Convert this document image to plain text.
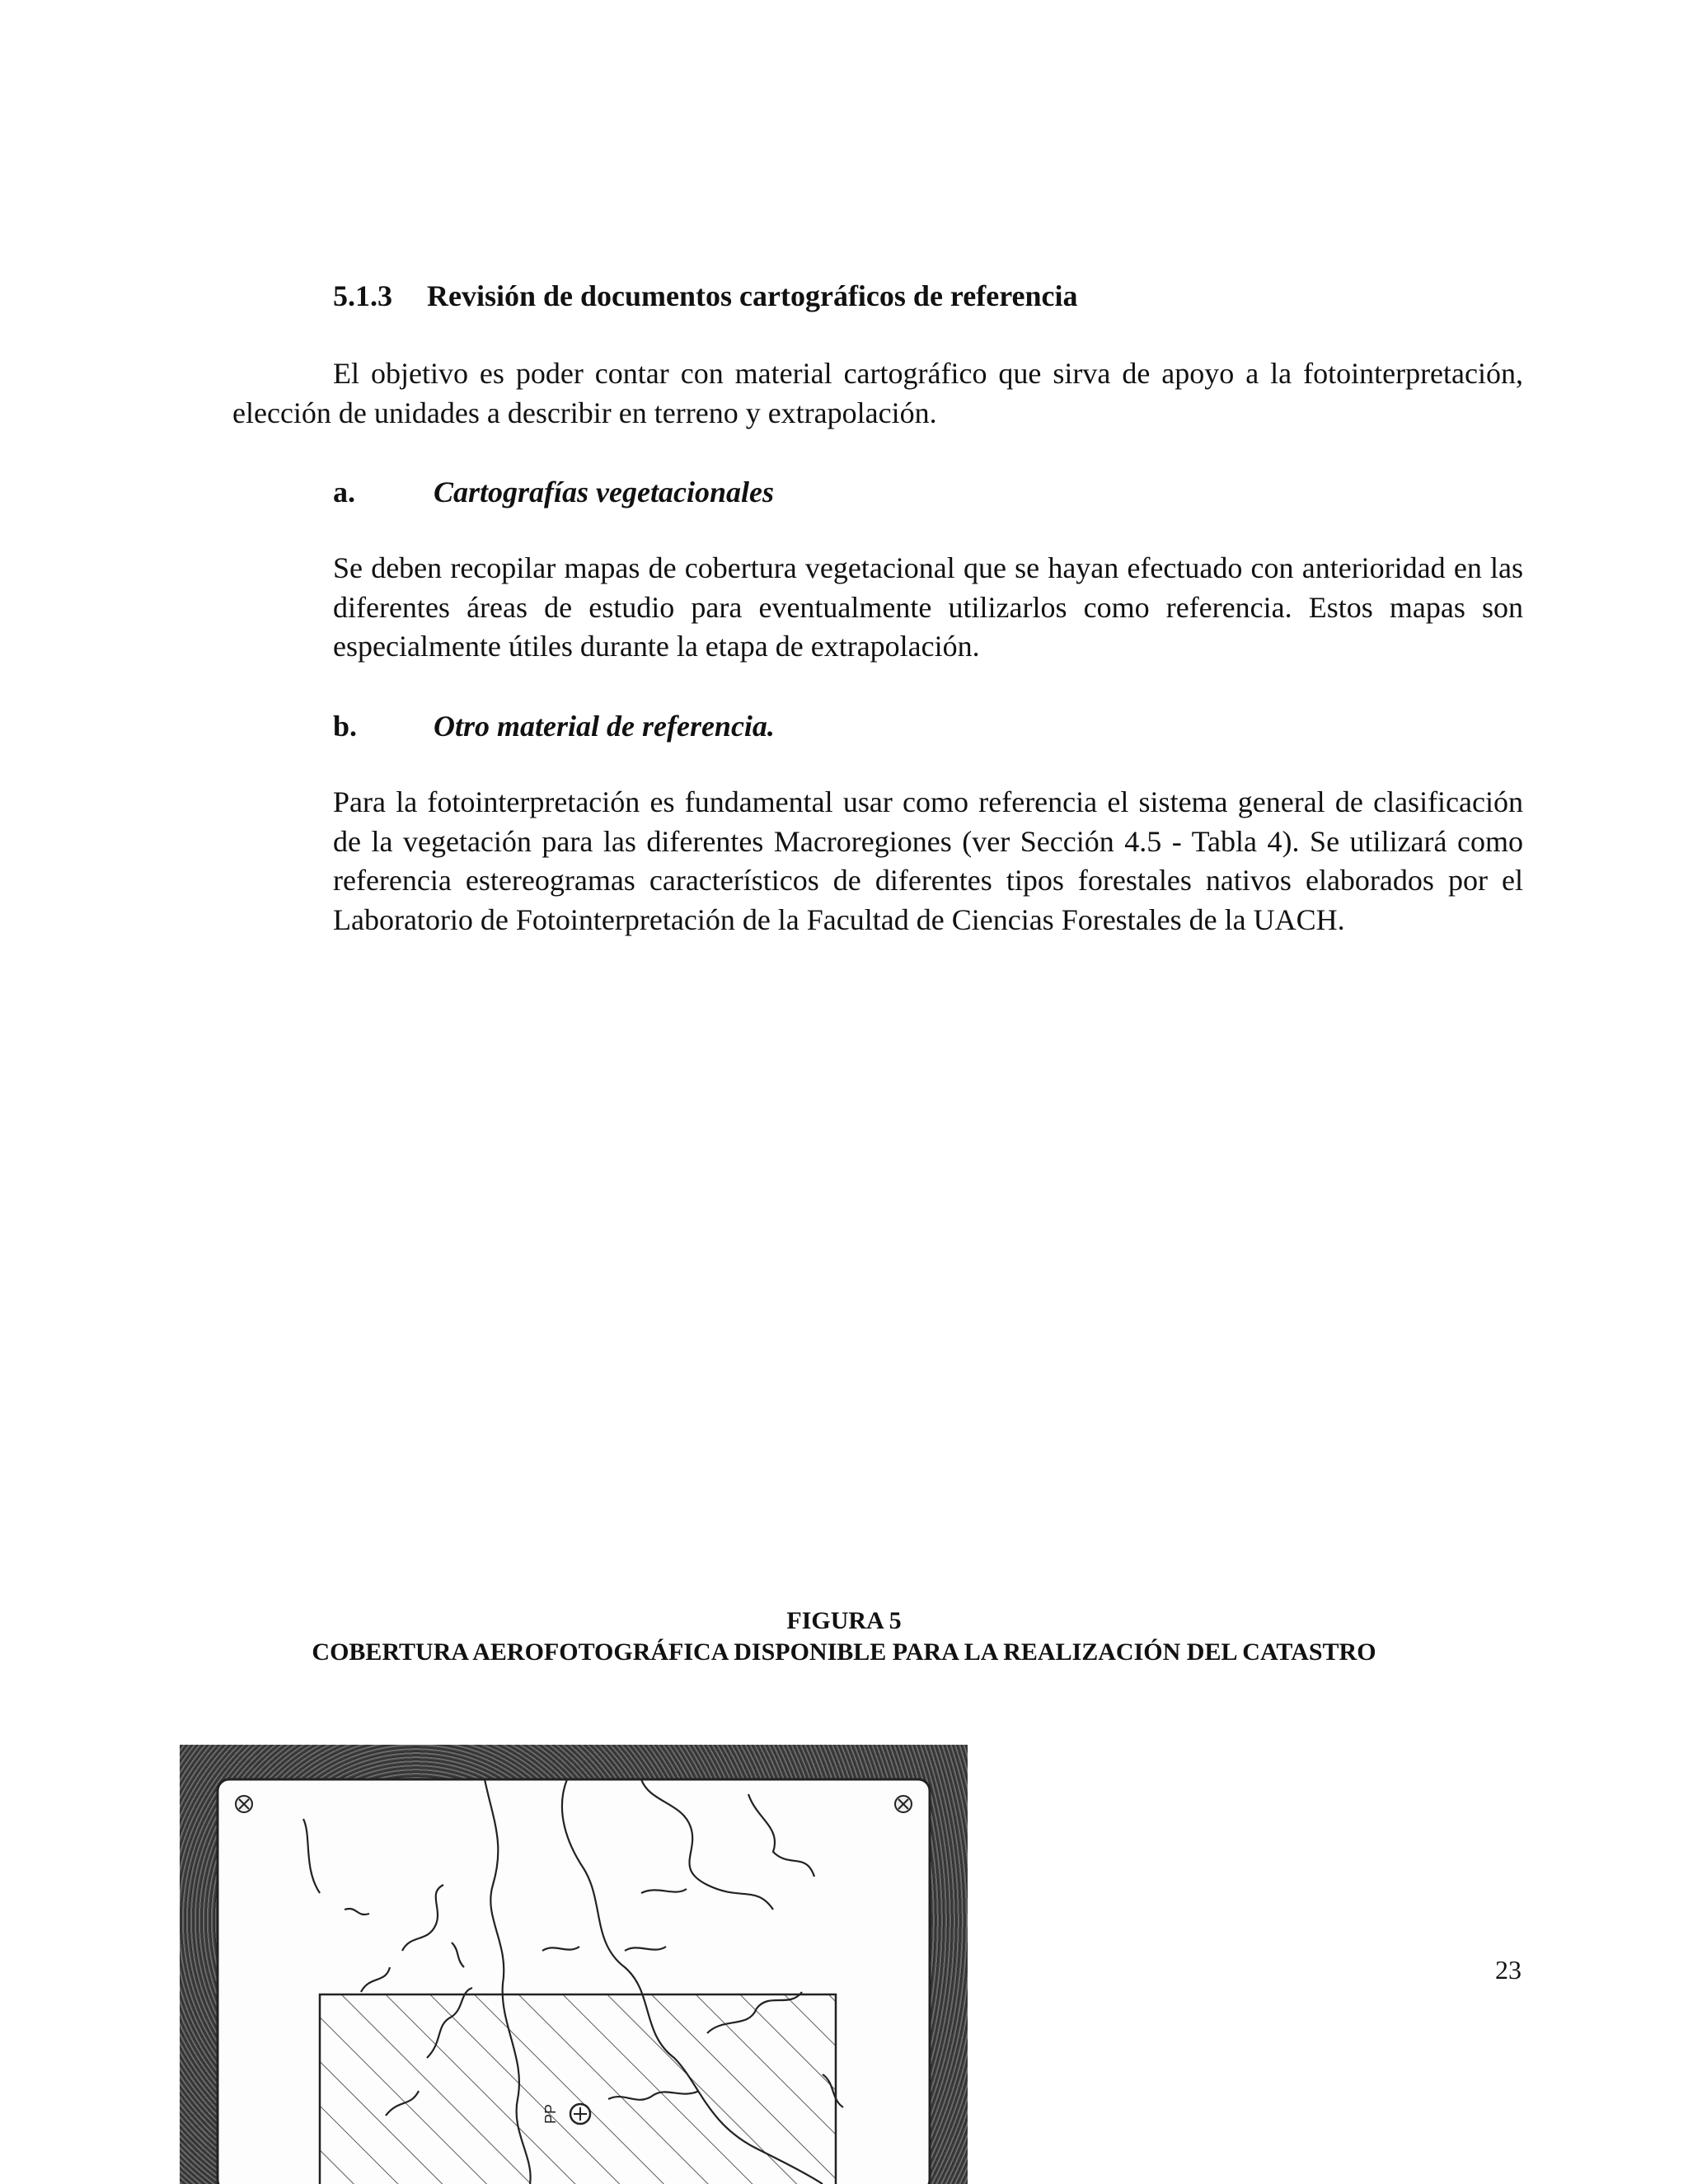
5.1.3 Revisión de documentos cartográficos de referencia
El objetivo es poder contar con material cartográfico que sirva de apoyo a la fotointerpretación, elección de unidades a describir en terreno y extrapolación.
a.	Cartografías vegetacionales
Se deben recopilar mapas de cobertura vegetacional que se hayan efectuado con anterioridad en las diferentes áreas de estudio para eventualmente utilizarlos como referencia. Estos mapas son especialmente útiles durante la etapa de extrapolación.
b.	Otro material de referencia.
Para la fotointerpretación es fundamental usar como referencia el sistema general de clasificación de la vegetación para las diferentes Macroregiones (ver Sección 4.5 - Tabla 4). Se utilizará como referencia estereogramas característicos de diferentes tipos forestales nativos elaborados por el Laboratorio de Fotointerpretación de la Facultad de Ciencias Forestales de la UACH.
FIGURA 5
COBERTURA AEROFOTOGRÁFICA DISPONIBLE PARA LA REALIZACIÓN DEL CATASTRO
23
PP
